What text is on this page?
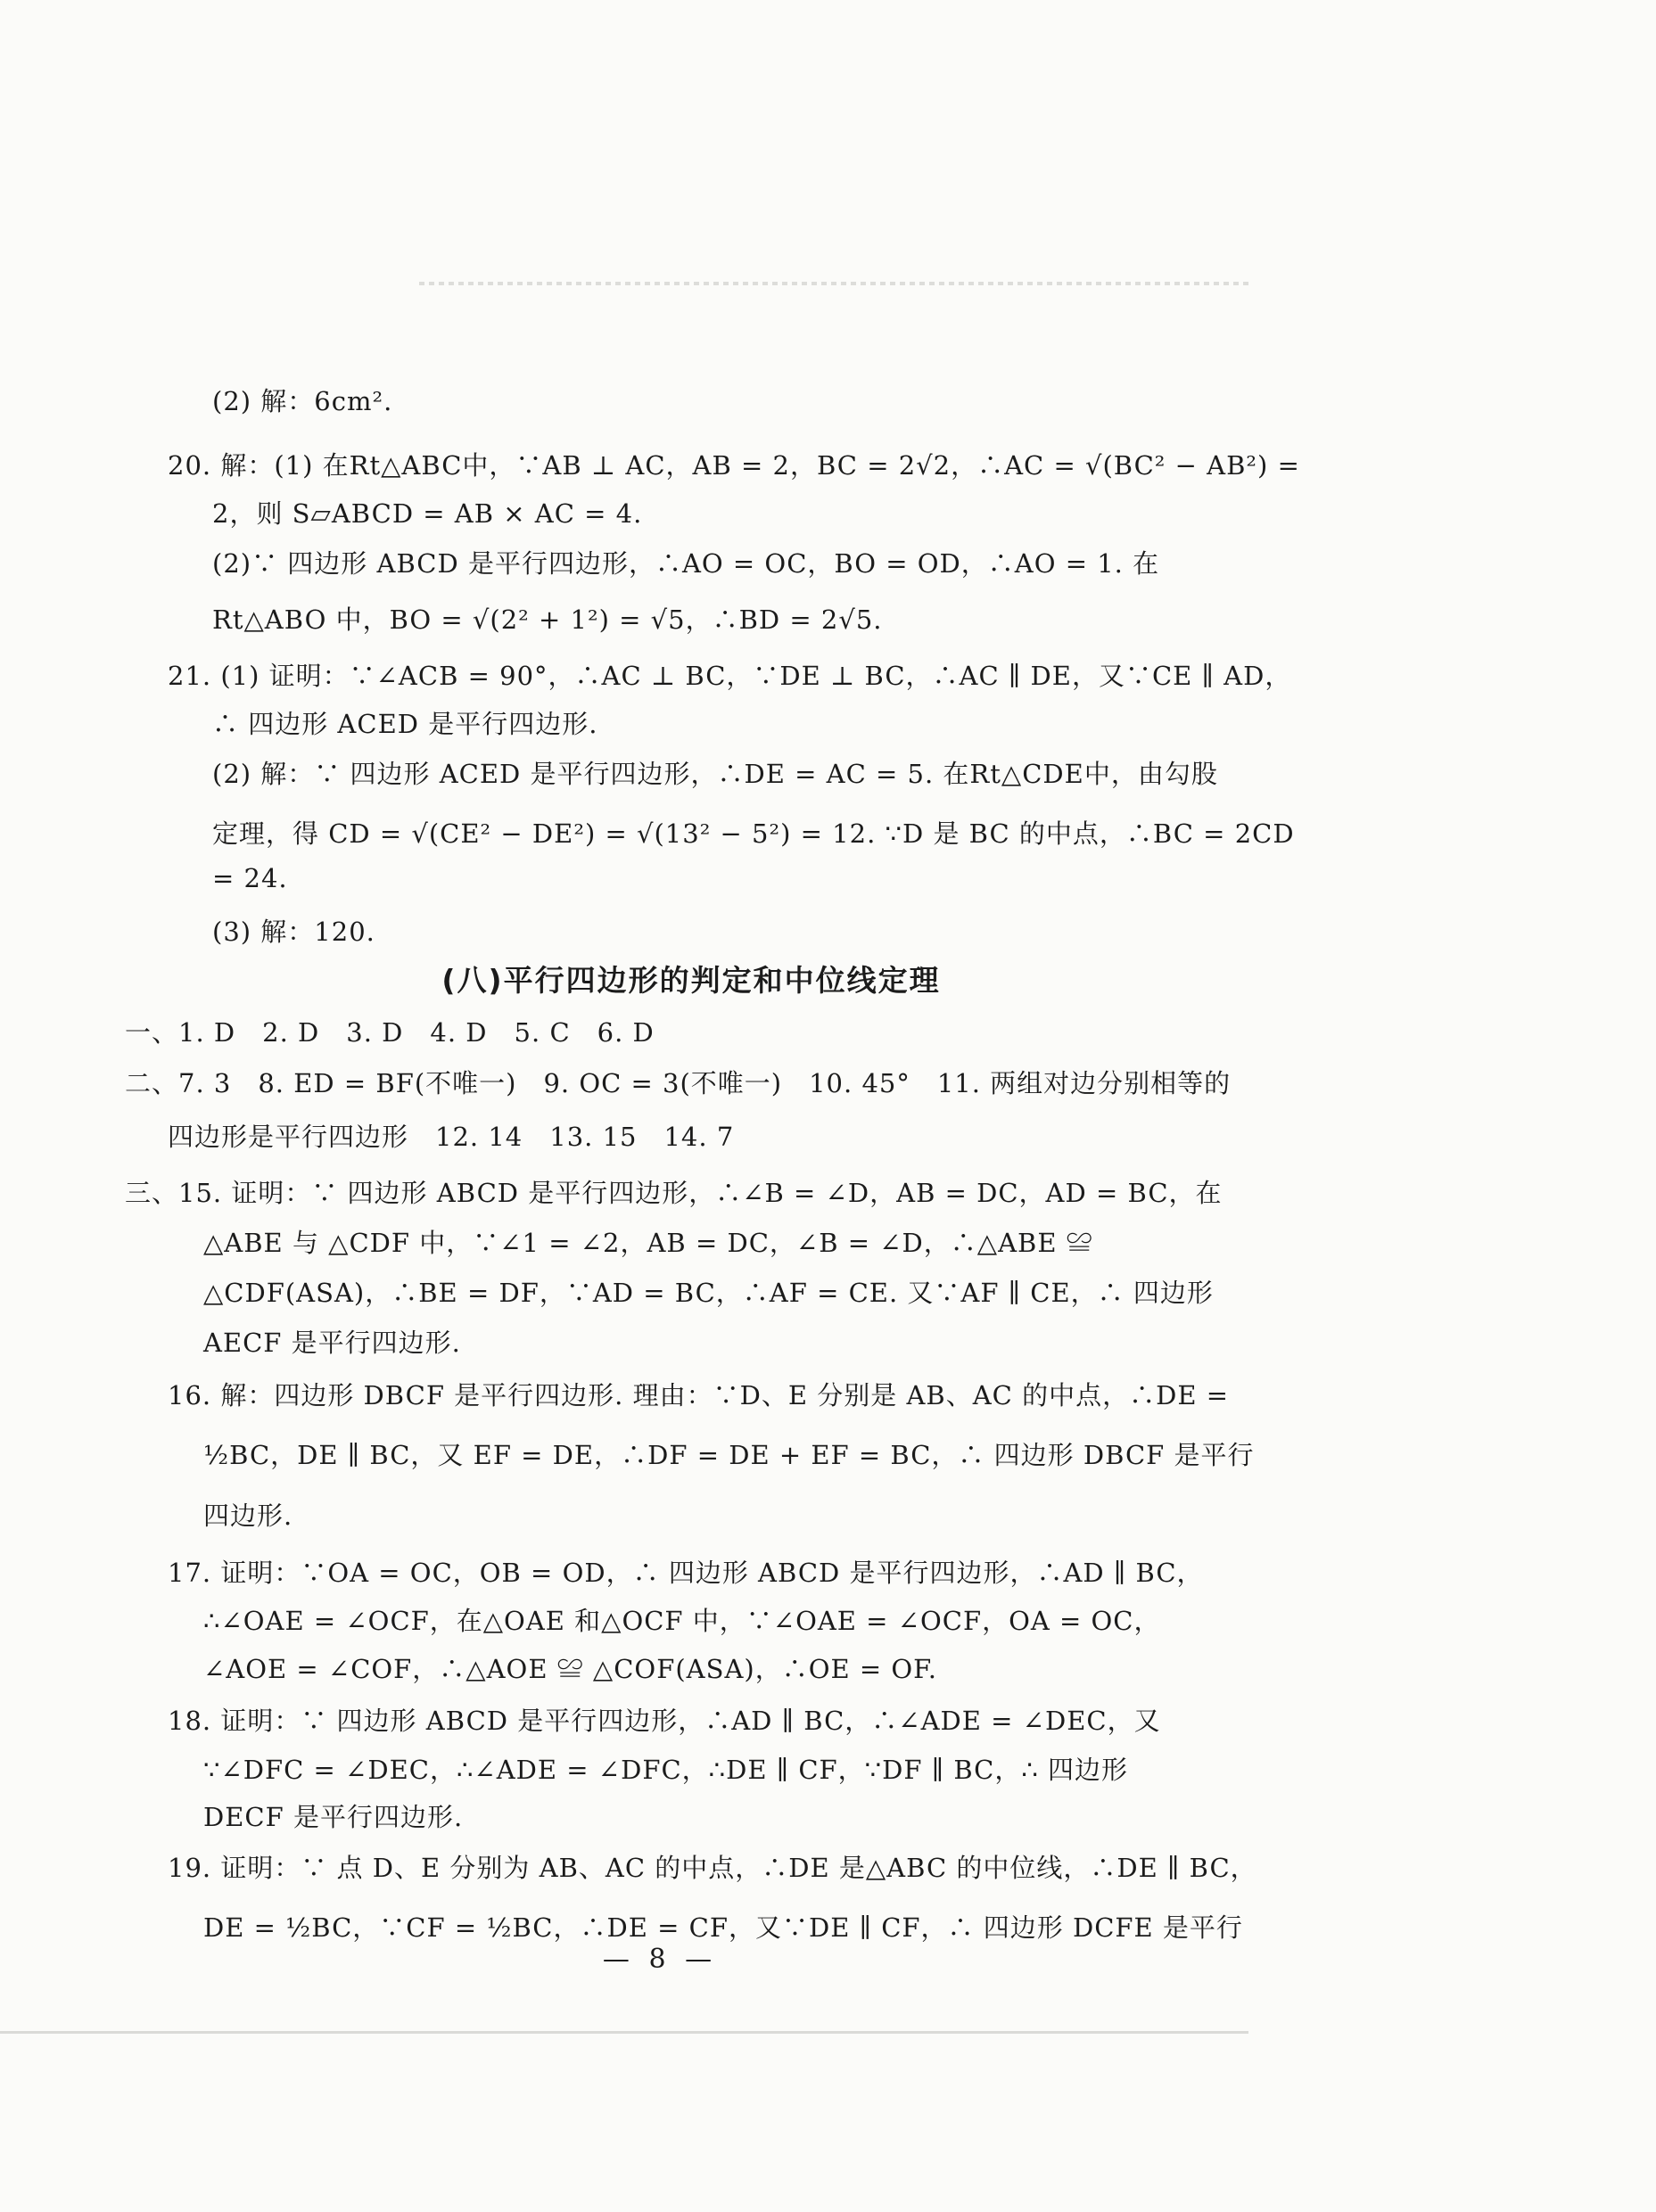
(2) 解：6cm².
20. 解：(1) 在Rt△ABC中，∵AB ⊥ AC，AB = 2，BC = 2√2，∴AC = √(BC² − AB²) =
2，则 S▱ABCD = AB × AC = 4.
(2)∵ 四边形 ABCD 是平行四边形，∴AO = OC，BO = OD，∴AO = 1. 在
Rt△ABO 中，BO = √(2² + 1²) = √5，∴BD = 2√5.
21. (1) 证明：∵∠ACB = 90°，∴AC ⊥ BC，∵DE ⊥ BC，∴AC ∥ DE，又∵CE ∥ AD，
∴ 四边形 ACED 是平行四边形.
(2) 解：∵ 四边形 ACED 是平行四边形，∴DE = AC = 5. 在Rt△CDE中，由勾股
定理，得 CD = √(CE² − DE²) = √(13² − 5²) = 12. ∵D 是 BC 的中点，∴BC = 2CD
= 24.
(3) 解：120.
(八)平行四边形的判定和中位线定理
一、1. D　2. D　3. D　4. D　5. C　6. D
二、7. 3　8. ED = BF(不唯一)　9. OC = 3(不唯一)　10. 45°　11. 两组对边分别相等的
四边形是平行四边形　12. 14　13. 15　14. 7
三、15. 证明：∵ 四边形 ABCD 是平行四边形，∴∠B = ∠D，AB = DC，AD = BC，在
△ABE 与 △CDF 中，∵∠1 = ∠2，AB = DC，∠B = ∠D，∴△ABE ≌
△CDF(ASA)，∴BE = DF，∵AD = BC，∴AF = CE. 又∵AF ∥ CE，∴ 四边形
AECF 是平行四边形.
16. 解：四边形 DBCF 是平行四边形. 理由：∵D、E 分别是 AB、AC 的中点，∴DE =
½BC，DE ∥ BC，又 EF = DE，∴DF = DE + EF = BC，∴ 四边形 DBCF 是平行
四边形.
17. 证明：∵OA = OC，OB = OD，∴ 四边形 ABCD 是平行四边形，∴AD ∥ BC，
∴∠OAE = ∠OCF，在△OAE 和△OCF 中，∵∠OAE = ∠OCF，OA = OC，
∠AOE = ∠COF，∴△AOE ≌ △COF(ASA)，∴OE = OF.
18. 证明：∵ 四边形 ABCD 是平行四边形，∴AD ∥ BC，∴∠ADE = ∠DEC，又
∵∠DFC = ∠DEC，∴∠ADE = ∠DFC，∴DE ∥ CF，∵DF ∥ BC，∴ 四边形
DECF 是平行四边形.
19. 证明：∵ 点 D、E 分别为 AB、AC 的中点，∴DE 是△ABC 的中位线，∴DE ∥ BC，
DE = ½BC，∵CF = ½BC，∴DE = CF，又∵DE ∥ CF，∴ 四边形 DCFE 是平行
— 8 —
